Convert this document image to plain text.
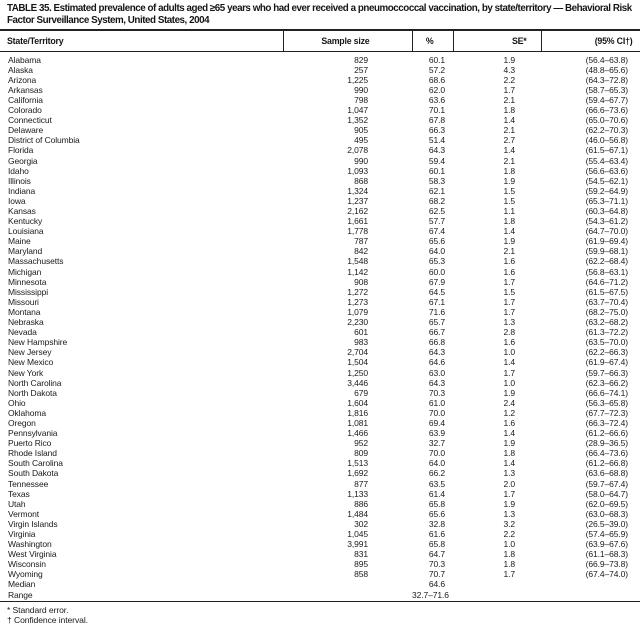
TABLE 35. Estimated prevalence of adults aged ≥65 years who had ever received a pneumoccoccal vaccination, by state/territory — Behavioral Risk Factor Surveillance System, United States, 2004
State/Territory	Sample size	%	SE*	(95% CI†)
Alabama	829	60.1	1.9	(56.4–63.8)
Alaska	257	57.2	4.3	(48.8–65.6)
Arizona	1,225	68.6	2.2	(64.3–72.8)
Arkansas	990	62.0	1.7	(58.7–65.3)
California	798	63.6	2.1	(59.4–67.7)
Colorado	1,047	70.1	1.8	(66.6–73.6)
Connecticut	1,352	67.8	1.4	(65.0–70.6)
Delaware	905	66.3	2.1	(62.2–70.3)
District of Columbia	495	51.4	2.7	(46.0–56.8)
Florida	2,078	64.3	1.4	(61.5–67.1)
Georgia	990	59.4	2.1	(55.4–63.4)
Idaho	1,093	60.1	1.8	(56.6–63.6)
Illinois	868	58.3	1.9	(54.5–62.1)
Indiana	1,324	62.1	1.5	(59.2–64.9)
Iowa	1,237	68.2	1.5	(65.3–71.1)
Kansas	2,162	62.5	1.1	(60.3–64.8)
Kentucky	1,661	57.7	1.8	(54.3–61.2)
Louisiana	1,778	67.4	1.4	(64.7–70.0)
Maine	787	65.6	1.9	(61.9–69.4)
Maryland	842	64.0	2.1	(59.9–68.1)
Massachusetts	1,548	65.3	1.6	(62.2–68.4)
Michigan	1,142	60.0	1.6	(56.8–63.1)
Minnesota	908	67.9	1.7	(64.6–71.2)
Mississippi	1,272	64.5	1.5	(61.5–67.5)
Missouri	1,273	67.1	1.7	(63.7–70.4)
Montana	1,079	71.6	1.7	(68.2–75.0)
Nebraska	2,230	65.7	1.3	(63.2–68.2)
Nevada	601	66.7	2.8	(61.3–72.2)
New Hampshire	983	66.8	1.6	(63.5–70.0)
New Jersey	2,704	64.3	1.0	(62.2–66.3)
New Mexico	1,504	64.6	1.4	(61.9–67.4)
New York	1,250	63.0	1.7	(59.7–66.3)
North Carolina	3,446	64.3	1.0	(62.3–66.2)
North Dakota	679	70.3	1.9	(66.6–74.1)
Ohio	1,604	61.0	2.4	(56.3–65.8)
Oklahoma	1,816	70.0	1.2	(67.7–72.3)
Oregon	1,081	69.4	1.6	(66.3–72.4)
Pennsylvania	1,466	63.9	1.4	(61.2–66.6)
Puerto Rico	952	32.7	1.9	(28.9–36.5)
Rhode Island	809	70.0	1.8	(66.4–73.6)
South Carolina	1,513	64.0	1.4	(61.2–66.8)
South Dakota	1,692	66.2	1.3	(63.6–68.8)
Tennessee	877	63.5	2.0	(59.7–67.4)
Texas	1,133	61.4	1.7	(58.0–64.7)
Utah	886	65.8	1.9	(62.0–69.5)
Vermont	1,484	65.6	1.3	(63.0–68.3)
Virgin Islands	302	32.8	3.2	(26.5–39.0)
Virginia	1,045	61.6	2.2	(57.4–65.9)
Washington	3,991	65.8	1.0	(63.9–67.6)
West Virginia	831	64.7	1.8	(61.1–68.3)
Wisconsin	895	70.3	1.8	(66.9–73.8)
Wyoming	858	70.7	1.7	(67.4–74.0)
Median		64.6		
Range		32.7–71.6		
* Standard error.
† Confidence interval.
